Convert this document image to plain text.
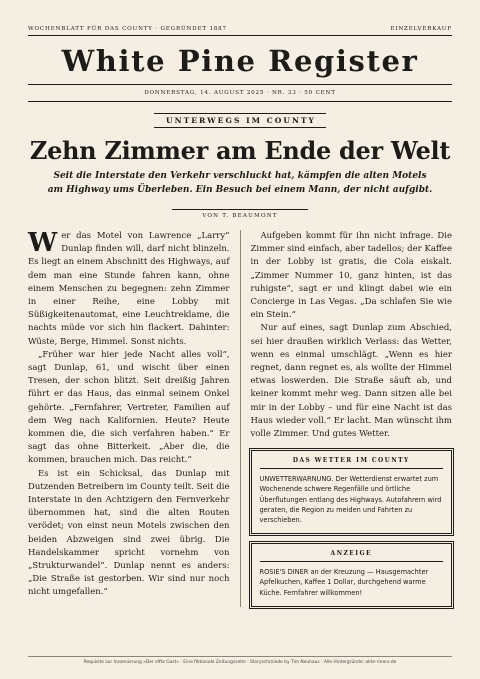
WOCHENBLATT FÜR DAS COUNTY · GEGRÜNDET 1887	EINZELVERKAUF
White Pine Register
DONNERSTAG, 14. AUGUST 2025 · NR. 33 · 50 CENT
UNTERWEGS IM COUNTY
Zehn Zimmer am Ende der Welt
Seit die Interstate den Verkehr verschluckt hat, kämpfen die alten Motels am Highway ums Überleben. Ein Besuch bei einem Mann, der nicht aufgibt.
VON T. BEAUMONT

Wer das Motel von Lawrence „Larry“ Dunlap finden will, darf nicht blinzeln. Es liegt an einem Abschnitt des Highways, auf dem man eine Stunde fahren kann, ohne einem Menschen zu begegnen: zehn Zimmer in einer Reihe, eine Lobby mit Süßigkeitenautomat, eine Leuchtreklame, die nachts müde vor sich hin flackert. Dahinter: Wüste, Berge, Himmel. Sonst nichts.

„Früher war hier jede Nacht alles voll“, sagt Dunlap, 61, und wischt über einen Tresen, der schon blitzt. Seit dreißig Jahren führt er das Haus, das einmal seinem Onkel gehörte. „Fernfahrer, Vertreter, Familien auf dem Weg nach Kalifornien. Heute? Heute kommen die, die sich verfahren haben.“ Er sagt das ohne Bitterkeit. „Aber die, die kommen, brauchen mich. Das reicht.“

Es ist ein Schicksal, das Dunlap mit Dutzenden Betreibern im County teilt. Seit die Interstate in den Achtzigern den Fernverkehr übernommen hat, sind die alten Routen verödet; von einst neun Motels zwischen den beiden Abzweigen sind zwei übrig. Die Handelskammer spricht vornehm von „Strukturwandel“. Dunlap nennt es anders: „Die Straße ist gestorben. Wir sind nur noch nicht umgefallen.“

Aufgeben kommt für ihn nicht infrage. Die Zimmer sind einfach, aber tadellos; der Kaffee in der Lobby ist gratis, die Cola eiskalt. „Zimmer Nummer 10, ganz hinten, ist das ruhigste“, sagt er und klingt dabei wie ein Concierge in Las Vegas. „Da schlafen Sie wie ein Stein.“

Nur auf eines, sagt Dunlap zum Abschied, sei hier draußen wirklich Verlass: das Wetter, wenn es einmal umschlägt. „Wenn es hier regnet, dann regnet es, als wollte der Himmel etwas loswerden. Die Straße säuft ab, und keiner kommt mehr weg. Dann sitzen alle bei mir in der Lobby – und für eine Nacht ist das Haus wieder voll.“ Er lacht. Man wünscht ihm volle Zimmer. Und gutes Wetter.

DAS WETTER IM COUNTY
UNWETTERWARNUNG. Der Wetterdienst erwartet zum Wochenende schwere Regenfälle und örtliche Überflutungen entlang des Highways. Autofahrern wird geraten, die Region zu meiden und Fahrten zu verschieben.
ANZEIGE
ROSIE'S DINER an der Kreuzung — Hausgemachter Apfelkuchen, Kaffee 1 Dollar, durchgehend warme Küche. Fernfahrer willkommen!
Requisite zur Inszenierung »Der elfte Gast« · Eine fiktionale Zeitungsseite · Storyschmiede by Tim Neuhaus · Alle Hintergründe: akte-rinero.de
